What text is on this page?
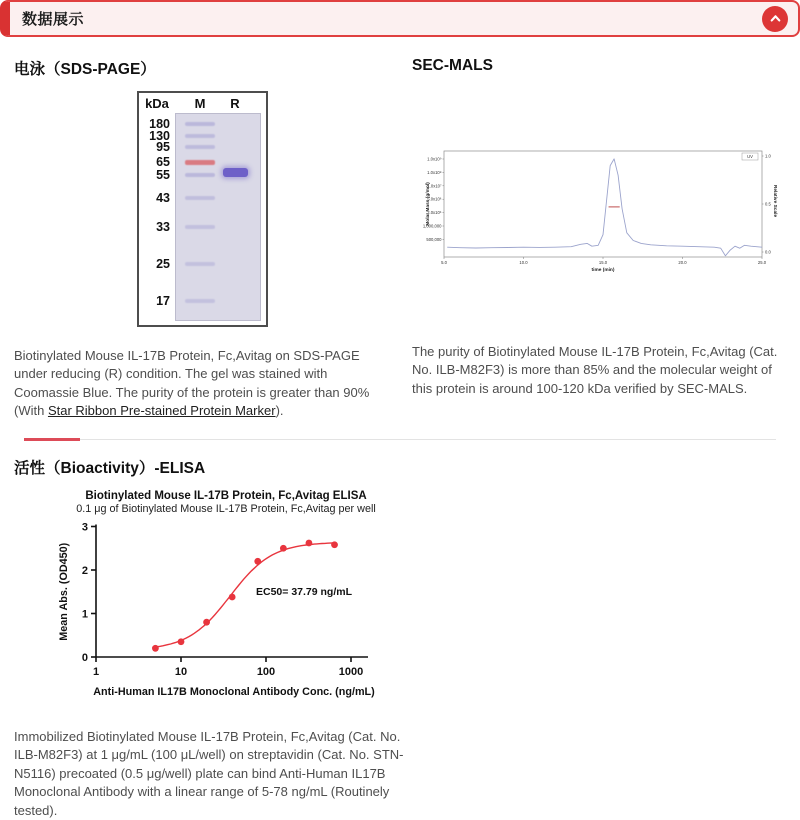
数据展示
电泳（SDS-PAGE）
kDa	M	R
180
130
95
65
55
43
33
25
17

Biotinylated Mouse IL-17B Protein, Fc,Avitag on SDS-PAGE under reducing (R) condition. The gel was stained with Coomassie Blue. The purity of the protein is greater than 90% (With Star Ribbon Pre-stained Protein Marker).

SEC-MALS
1.0x10⁹
1.0x10⁸
1.0x10⁷
5.0x10⁶
2.0x10⁶
1,000,000
500,000
1.0
0.5
0.0
5.0	10.0	15.0	20.0	25.0
time (min)
Molar Mass (g/mol)	Relative Scale
UV

The purity of Biotinylated Mouse IL-17B Protein, Fc,Avitag (Cat. No. ILB-M82F3) is more than 85% and the molecular weight of this protein is around 100-120 kDa verified by SEC-MALS.

活性（Bioactivity）-ELISA
Biotinylated Mouse IL-17B Protein, Fc,Avitag ELISA
0.1 μg of Biotinylated Mouse IL-17B Protein, Fc,Avitag per well
0
1
2
3
1	10	100	1000
EC50= 37.79 ng/mL
Anti-Human IL17B Monoclonal Antibody Conc. (ng/mL)
Mean Abs. (OD450)

Immobilized Biotinylated Mouse IL-17B Protein, Fc,Avitag (Cat. No. ILB-M82F3) at 1 μg/mL (100 μL/well) on streptavidin (Cat. No. STN-N5116) precoated (0.5 μg/well) plate can bind Anti-Human IL17B Monoclonal Antibody with a linear range of 5-78 ng/mL (Routinely tested).
